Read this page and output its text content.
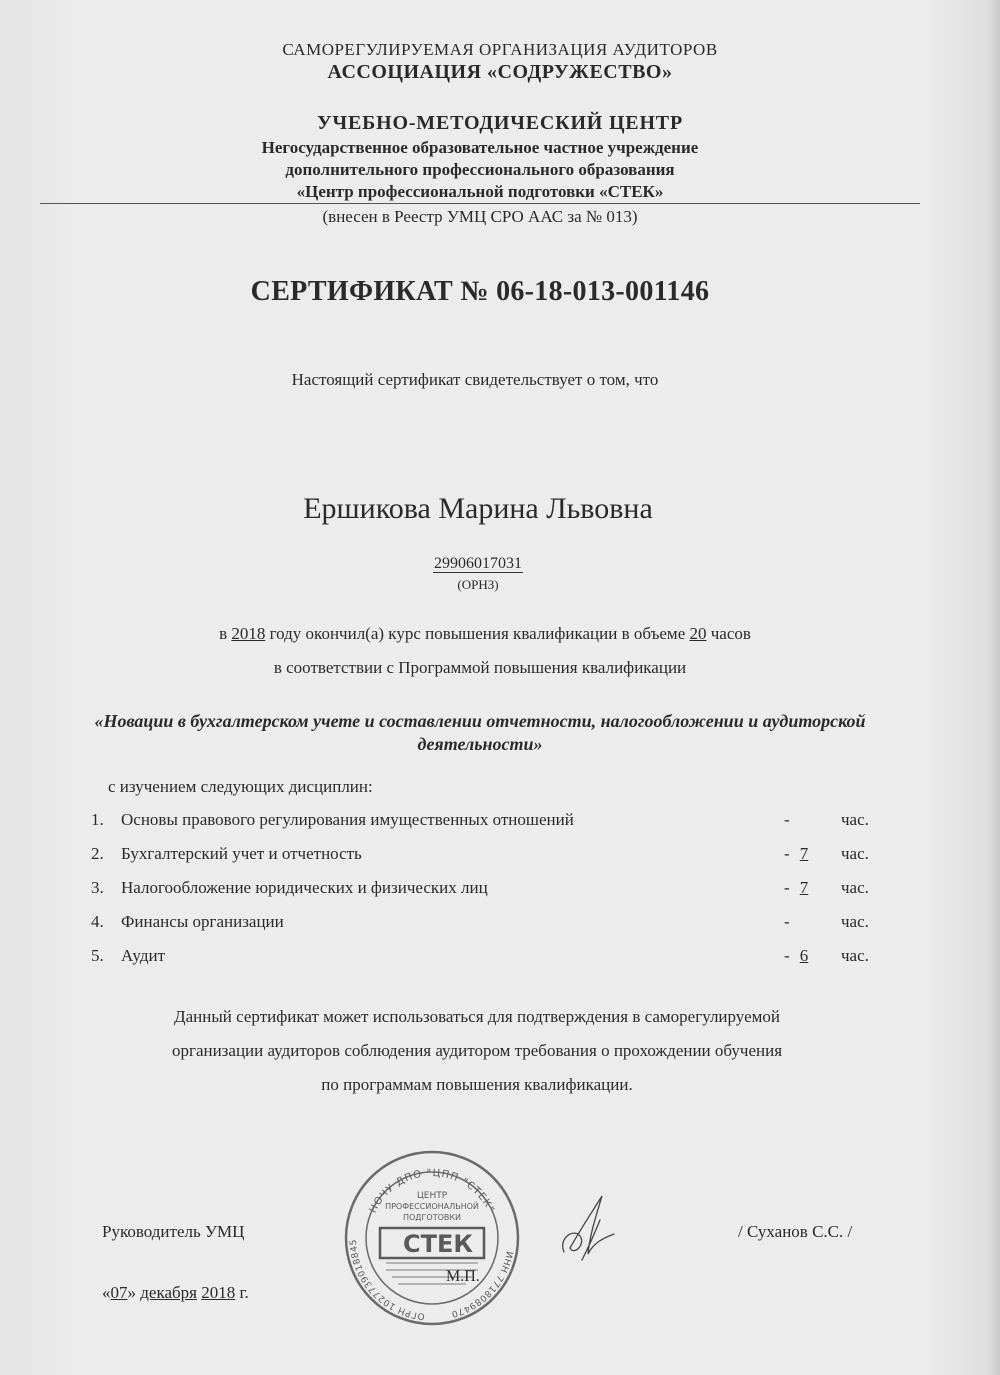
САМОРЕГУЛИРУЕМАЯ ОРГАНИЗАЦИЯ АУДИТОРОВ
АССОЦИАЦИЯ «СОДРУЖЕСТВО»
УЧЕБНО-МЕТОДИЧЕСКИЙ ЦЕНТР
Негосударственное образовательное частное учреждение
дополнительного профессионального образования
«Центр профессиональной подготовки «СТЕК»
(внесен в Реестр УМЦ СРО ААС за № 013)
СЕРТИФИКАТ № 06-18-013-001146
Настоящий сертификат свидетельствует о том, что
Ершикова Марина Львовна
29906017031
(ОРНЗ)
в 2018 году окончил(а) курс повышения квалификации в объеме 20 часов
в соответствии с Программой повышения квалификации
«Новации в бухгалтерском учете и составлении отчетности, налогообложении и аудиторской
деятельности»
с изучением следующих дисциплин:
1. Основы правового регулирования имущественных отношений	-	час.
2. Бухгалтерский учет и отчетность	- 7 час.
3. Налогообложение юридических и физических лиц	- 7 час.
4. Финансы организации	-	час.
5. Аудит	- 6 час.
Данный сертификат может использоваться для подтверждения в саморегулируемой
организации аудиторов соблюдения аудитором требования о прохождении обучения
по программам повышения квалификации.
Руководитель УМЦ
НОЧУ ДПО "ЦПП "СТЕК"
ОГРН 1027739018845
ИНН 7718089470
ЦЕНТР
ПРОФЕССИОНАЛЬНОЙ
ПОДГОТОВКИ
СТЕК
М.П.
/ Суханов С.С. /
«07» декабря 2018 г.
